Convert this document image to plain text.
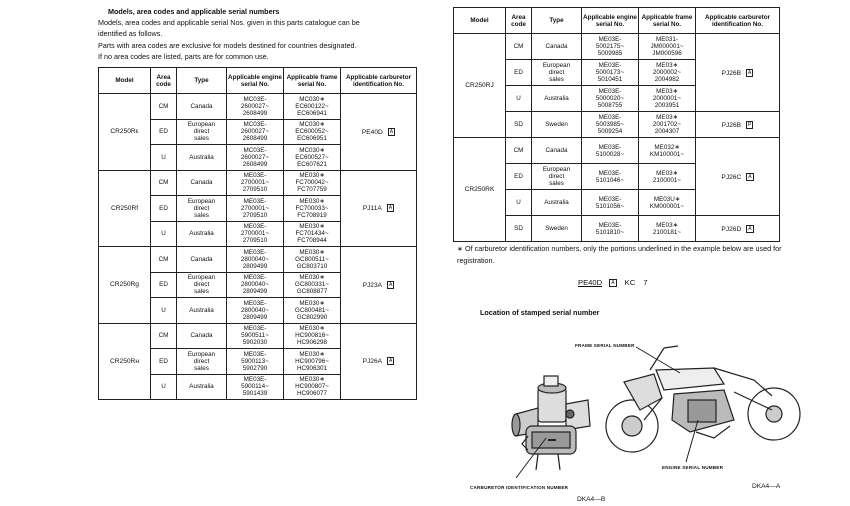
Models, area codes and applicable serial numbers
Models, area codes and applicable serial Nos. given in this parts catalogue can be
identified as follows.
Parts with area codes are exclusive for models destined for countries designated.
If no area codes are listed, parts are for common use.
Model	Area code	Type	Applicable engine serial No.	Applicable frame serial No.	Applicable carburetor identification No.
CR250Rε	CM	Canada	MC03E-
2600027~
2608499	MC030∗
EC600122~
EC606941	PE40D A
	ED	European
direct
sales	MC03E-
2600027~
2608499	MC030∗
EC600052~
EC606951	
	U	Australia	MC03E-
2600027~
2608499	MC030∗
EC600527~
EC607621	
CR250Rf	CM	Canada	ME03E-
2700001~
2709510	ME030∗
FC700042~
FC707759	PJ11A A
	ED	European
direct
sales	ME03E-
2700001~
2709510	ME030∗
FC700033~
FC708919	
	U	Australia	ME03E-
2700001~
2709510	ME030∗
FC701434~
FC708944	
CR250Rg	CM	Canada	ME03E-
2800040~
2809499	ME030∗
GC800511~
GC803710	PJ23A A
	ED	European
direct
sales	ME03E-
2800040~
2809499	ME030∗
GC800331~
GC808877	
	U	Australia	ME03E-
2800040~
2809499	ME030∗
GC800481~
GC802990	
CR250Rн	CM	Canada	ME03E-
5900511~
5902030	ME030∗
HC900816~
HC906298	PJ26A A
	ED	European
direct
sales	ME03E-
5900113~
5902790	ME030∗
HC900796~
HC906301	
	U	Australia	ME03E-
5900114~
5901439	ME030∗
HC900807~
HC906077	
Model	Area code	Type	Applicable engine serial No.	Applicable frame serial No.	Applicable carburetor identification No.
CR250RJ	CM	Canada	ME03E-
5002175~
5009985	ME031-
JM000001~
JM000596	PJ26B A
	ED	European
direct
sales	ME03E-
5000173~
5010451	ME03∗
2000002~
2004982	
	U	Australia	ME03E-
5000020~
5008755	ME03∗
2000001~
2003951	
	SD	Sweden	ME03E-
5003985~
5009254	ME03∗
2001702~
2004307	PJ26B P
CR250RK	CM	Canada	ME03E-
5100028~	ME032∗
KM100001~	PJ26C A
	ED	European
direct
sales	ME03E-
5101046~	ME03∗
2100001~	
	U	Australia	ME03E-
5101056~	ME03U∗
KM000001~	
	SD	Sweden	ME03E-
5101810~	ME03∗
2100181~	PJ26D A
∗ Of carburetor identification numbers, only the portions underlined in the example below are used for registration.
PE40D A KC 7
Location of stamped serial number
FRAME SERIAL NUMBER
ENGINE SERIAL NUMBER
CARBURETOR IDENTIFICATION NUMBER	DKA4—A
DKA4—B
